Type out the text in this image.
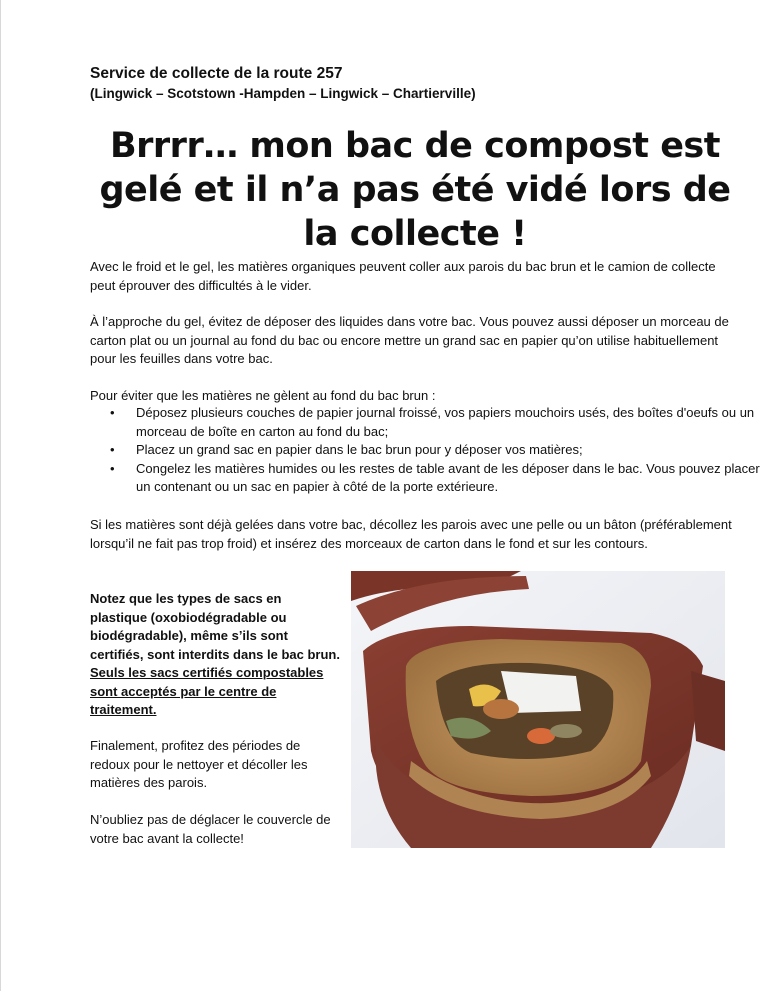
Service de collecte de la route 257
(Lingwick – Scotstown -Hampden – Lingwick – Chartierville)
Brrrr… mon bac de compost est gelé et il n’a pas été vidé lors de la collecte !

Avec le froid et le gel, les matières organiques peuvent coller aux parois du bac brun et le camion de collecte peut éprouver des difficultés à le vider.

À l’approche du gel, évitez de déposer des liquides dans votre bac. Vous pouvez aussi déposer un morceau de carton plat ou un journal au fond du bac ou encore mettre un grand sac en papier qu’on utilise habituellement pour les feuilles dans votre bac.

Pour éviter que les matières ne gèlent au fond du bac brun :

• Déposez plusieurs couches de papier journal froissé, vos papiers mouchoirs usés, des boîtes d'oeufs ou un morceau de boîte en carton au fond du bac;
• Placez un grand sac en papier dans le bac brun pour y déposer vos matières;
• Congelez les matières humides ou les restes de table avant de les déposer dans le bac. Vous pouvez placer un contenant ou un sac en papier à côté de la porte extérieure.

Si les matières sont déjà gelées dans votre bac, décollez les parois avec une pelle ou un bâton (préférablement lorsqu’il ne fait pas trop froid) et insérez des morceaux de carton dans le fond et sur les contours.

Notez que les types de sacs en plastique (oxobiodégradable ou biodégradable), même s’ils sont certifiés, sont interdits dans le bac brun. Seuls les sacs certifiés compostables sont acceptés par le centre de traitement.

Finalement, profitez des périodes de redoux pour le nettoyer et décoller les matières des parois.

N’oubliez pas de déglacer le couvercle de votre bac avant la collecte!
